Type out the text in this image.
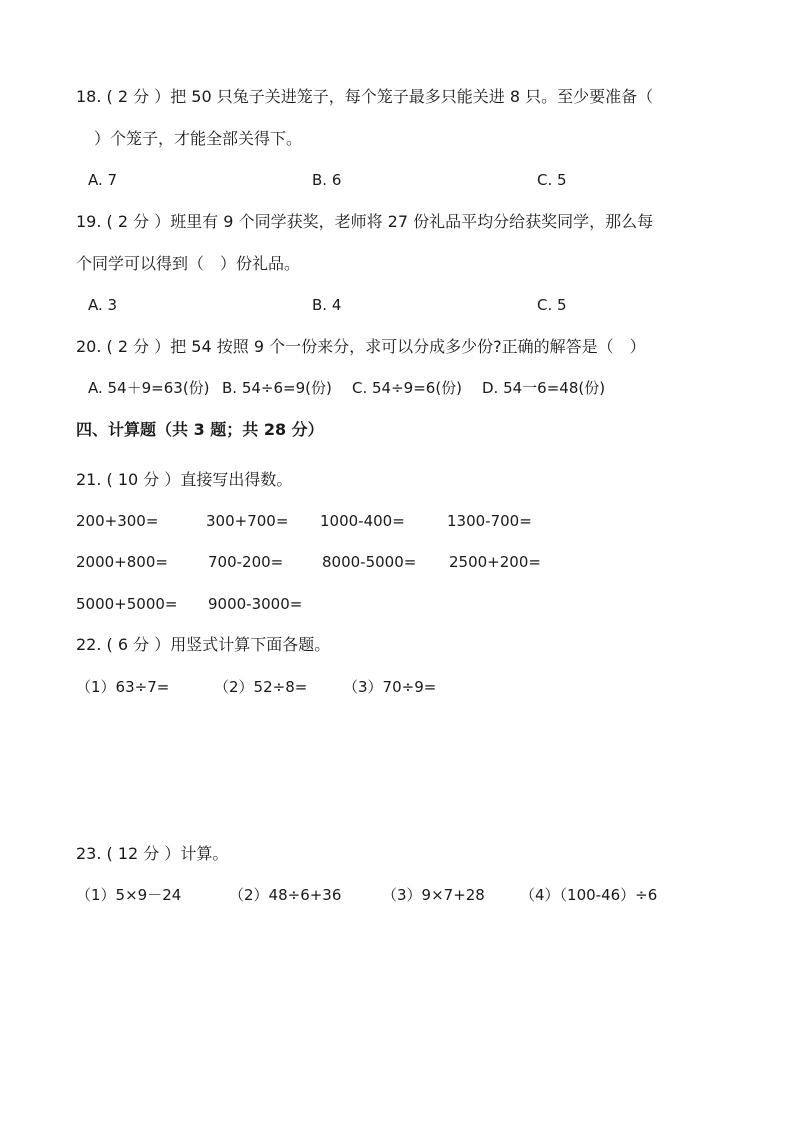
18. ( 2 分 ）把 50 只兔子关进笼子，每个笼子最多只能关进 8 只。至少要准备（
）个笼子，才能全部关得下。
A. 7	B. 6	C. 5
19. ( 2 分 ）班里有 9 个同学获奖，老师将 27 份礼品平均分给获奖同学，那么每
个同学可以得到（　）份礼品。
A. 3	B. 4	C. 5
20. ( 2 分 ）把 54 按照 9 个一份来分，求可以分成多少份?正确的解答是（　）
A. 54＋9=63(份) B. 54÷6=9(份) C. 54÷9=6(份) D. 54一6=48(份)
四、计算题（共 3 题；共 28 分）
21. ( 10 分 ）直接写出得数。
200+300=	300+700= 1000-400=	1300-700=
2000+800=	700-200=	8000-5000= 2500+200=
5000+5000= 9000-3000=
22. ( 6 分 ）用竖式计算下面各题。
（1）63÷7=	（2）52÷8= （3）70÷9=
23. ( 12 分 ）计算。
（1）5×9－24	（2）48÷6+36	（3）9×7+28 （4）（100-46）÷6
